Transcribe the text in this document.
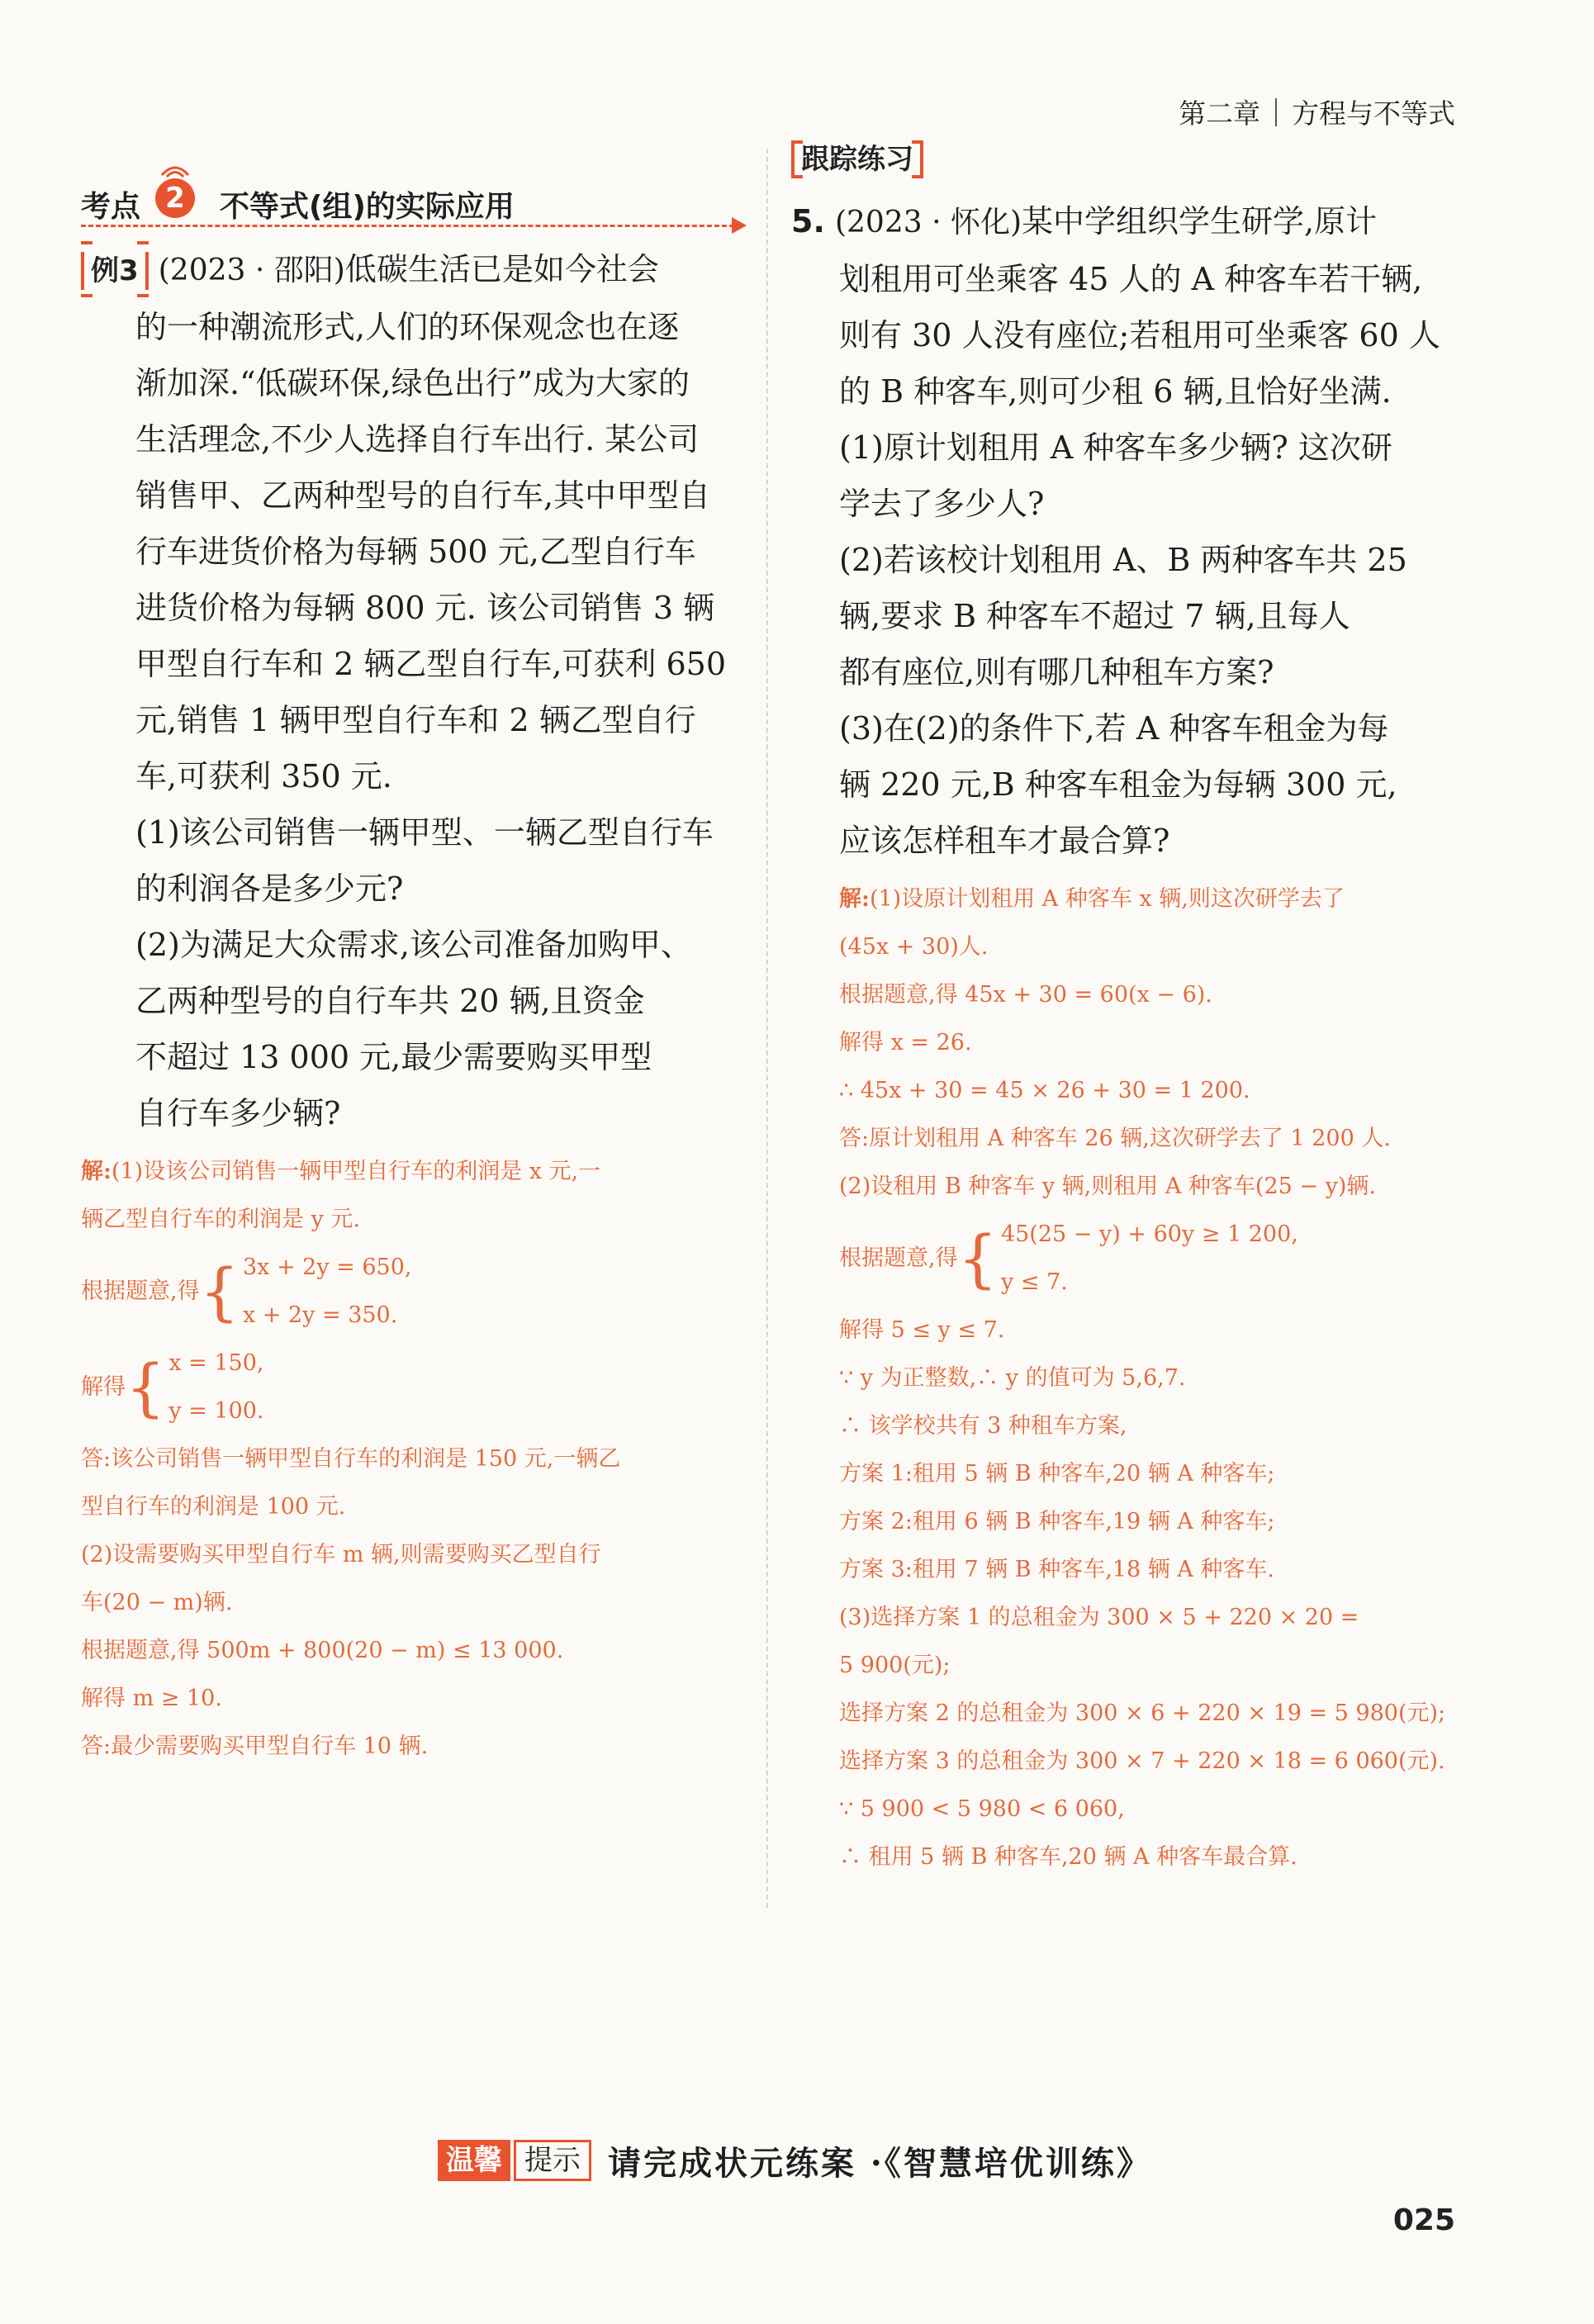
第二章 方程与不等式
考点 2	不等式(组)的实际应用
例3 (2023 · 邵阳)低碳生活已是如今社会
的一种潮流形式,人们的环保观念也在逐
渐加深.“低碳环保,绿色出行”成为大家的
生活理念,不少人选择自行车出行. 某公司
销售甲、乙两种型号的自行车,其中甲型自
行车进货价格为每辆 500 元,乙型自行车
进货价格为每辆 800 元. 该公司销售 3 辆
甲型自行车和 2 辆乙型自行车,可获利 650
元,销售 1 辆甲型自行车和 2 辆乙型自行
车,可获利 350 元.
(1)该公司销售一辆甲型、一辆乙型自行车
的利润各是多少元?
(2)为满足大众需求,该公司准备加购甲、
乙两种型号的自行车共 20 辆,且资金
不超过 13 000 元,最少需要购买甲型
自行车多少辆?
解:(1)设该公司销售一辆甲型自行车的利润是 x 元,一
辆乙型自行车的利润是 y 元.
根据题意,得 { 3x + 2y = 650,
x + 2y = 350.
解得 { x = 150,
y = 100.
答:该公司销售一辆甲型自行车的利润是 150 元,一辆乙
型自行车的利润是 100 元.
(2)设需要购买甲型自行车 m 辆,则需要购买乙型自行
车(20 − m)辆.
根据题意,得 500m + 800(20 − m) ≤ 13 000.
解得 m ≥ 10.
答:最少需要购买甲型自行车 10 辆.
跟踪练习
5. (2023 · 怀化)某中学组织学生研学,原计
划租用可坐乘客 45 人的 A 种客车若干辆,
则有 30 人没有座位;若租用可坐乘客 60 人
的 B 种客车,则可少租 6 辆,且恰好坐满.
(1)原计划租用 A 种客车多少辆? 这次研
学去了多少人?
(2)若该校计划租用 A、B 两种客车共 25
辆,要求 B 种客车不超过 7 辆,且每人
都有座位,则有哪几种租车方案?
(3)在(2)的条件下,若 A 种客车租金为每
辆 220 元,B 种客车租金为每辆 300 元,
应该怎样租车才最合算?
解:(1)设原计划租用 A 种客车 x 辆,则这次研学去了
(45x + 30)人.
根据题意,得 45x + 30 = 60(x − 6).
解得 x = 26.
∴ 45x + 30 = 45 × 26 + 30 = 1 200.
答:原计划租用 A 种客车 26 辆,这次研学去了 1 200 人.
(2)设租用 B 种客车 y 辆,则租用 A 种客车(25 − y)辆.
根据题意,得 { 45(25 − y) + 60y ≥ 1 200,
y ≤ 7.
解得 5 ≤ y ≤ 7.
∵ y 为正整数,∴ y 的值可为 5,6,7.
∴ 该学校共有 3 种租车方案,
方案 1:租用 5 辆 B 种客车,20 辆 A 种客车;
方案 2:租用 6 辆 B 种客车,19 辆 A 种客车;
方案 3:租用 7 辆 B 种客车,18 辆 A 种客车.
(3)选择方案 1 的总租金为 300 × 5 + 220 × 20 =
5 900(元);
选择方案 2 的总租金为 300 × 6 + 220 × 19 = 5 980(元);
选择方案 3 的总租金为 300 × 7 + 220 × 18 = 6 060(元).
∵ 5 900 < 5 980 < 6 060,
∴ 租用 5 辆 B 种客车,20 辆 A 种客车最合算.
温馨 提示 请完成状元练案 ·《智慧培优训练》
025
